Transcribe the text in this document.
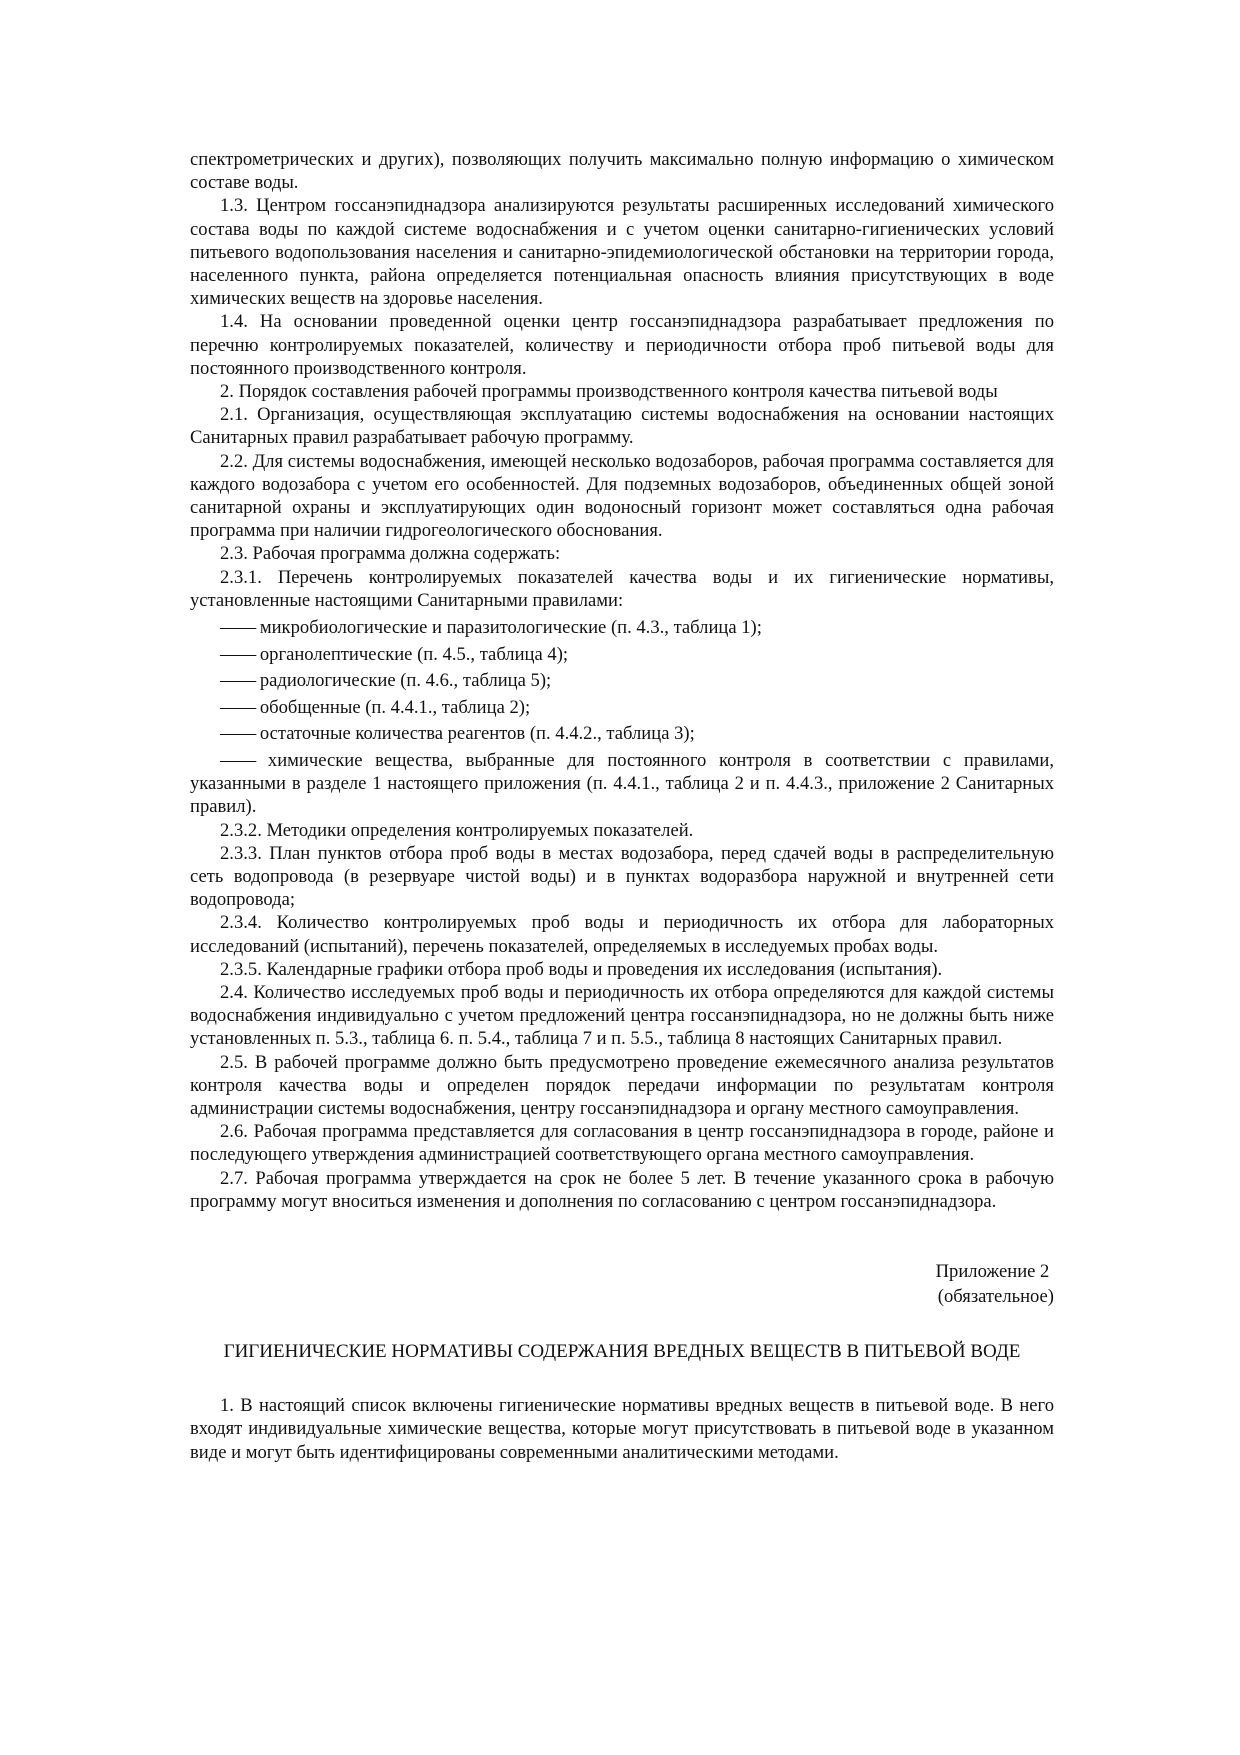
спектрометрических и других), позволяющих получить максимально полную информацию о химическом составе воды.

1.3. Центром госсанэпиднадзора анализируются результаты расширенных исследований химического состава воды по каждой системе водоснабжения и с учетом оценки санитарно-гигиенических условий питьевого водопользования населения и санитарно-эпидемиологической обстановки на территории города, населенного пункта, района определяется потенциальная опасность влияния присутствующих в воде химических веществ на здоровье населения.

1.4. На основании проведенной оценки центр госсанэпиднадзора разрабатывает предложения по перечню контролируемых показателей, количеству и периодичности отбора проб питьевой воды для постоянного производственного контроля.

2. Порядок составления рабочей программы производственного контроля качества питьевой воды

2.1. Организация, осуществляющая эксплуатацию системы водоснабжения на основании настоящих Санитарных правил разрабатывает рабочую программу.

2.2. Для системы водоснабжения, имеющей несколько водозаборов, рабочая программа составляется для каждого водозабора с учетом его особенностей. Для подземных водозаборов, объединенных общей зоной санитарной охраны и эксплуатирующих один водоносный горизонт может составляться одна рабочая программа при наличии гидрогеологического обоснования.

2.3. Рабочая программа должна содержать:

2.3.1. Перечень контролируемых показателей качества воды и их гигиенические нормативы, установленные настоящими Санитарными правилами:

—— микробиологические и паразитологические (п. 4.3., таблица 1);

—— органолептические (п. 4.5., таблица 4);

—— радиологические (п. 4.6., таблица 5);

—— обобщенные (п. 4.4.1., таблица 2);

—— остаточные количества реагентов (п. 4.4.2., таблица 3);

—— химические вещества, выбранные для постоянного контроля в соответствии с правилами, указанными в разделе 1 настоящего приложения (п. 4.4.1., таблица 2 и п. 4.4.3., приложение 2 Санитарных правил).

2.3.2. Методики определения контролируемых показателей.

2.3.3. План пунктов отбора проб воды в местах водозабора, перед сдачей воды в распределительную сеть водопровода (в резервуаре чистой воды) и в пунктах водоразбора наружной и внутренней сети водопровода;

2.3.4. Количество контролируемых проб воды и периодичность их отбора для лабораторных исследований (испытаний), перечень показателей, определяемых в исследуемых пробах воды.

2.3.5. Календарные графики отбора проб воды и проведения их исследования (испытания).

2.4. Количество исследуемых проб воды и периодичность их отбора определяются для каждой системы водоснабжения индивидуально с учетом предложений центра госсанэпиднадзора, но не должны быть ниже установленных п. 5.3., таблица 6. п. 5.4., таблица 7 и п. 5.5., таблица 8 настоящих Санитарных правил.

2.5. В рабочей программе должно быть предусмотрено проведение ежемесячного анализа результатов контроля качества воды и определен порядок передачи информации по результатам контроля администрации системы водоснабжения, центру госсанэпиднадзора и органу местного самоуправления.

2.6. Рабочая программа представляется для согласования в центр госсанэпиднадзора в городе, районе и последующего утверждения администрацией соответствующего органа местного самоуправления.

2.7. Рабочая программа утверждается на срок не более 5 лет. В течение указанного срока в рабочую программу могут вноситься изменения и дополнения по согласованию с центром госсанэпиднадзора.

Приложение 2
(обязательное)
ГИГИЕНИЧЕСКИЕ НОРМАТИВЫ СОДЕРЖАНИЯ ВРЕДНЫХ ВЕЩЕСТВ В ПИТЬЕВОЙ ВОДЕ

1. В настоящий список включены гигиенические нормативы вредных веществ в питьевой воде. В него входят индивидуальные химические вещества, которые могут присутствовать в питьевой воде в указанном виде и могут быть идентифицированы современными аналитическими методами.
